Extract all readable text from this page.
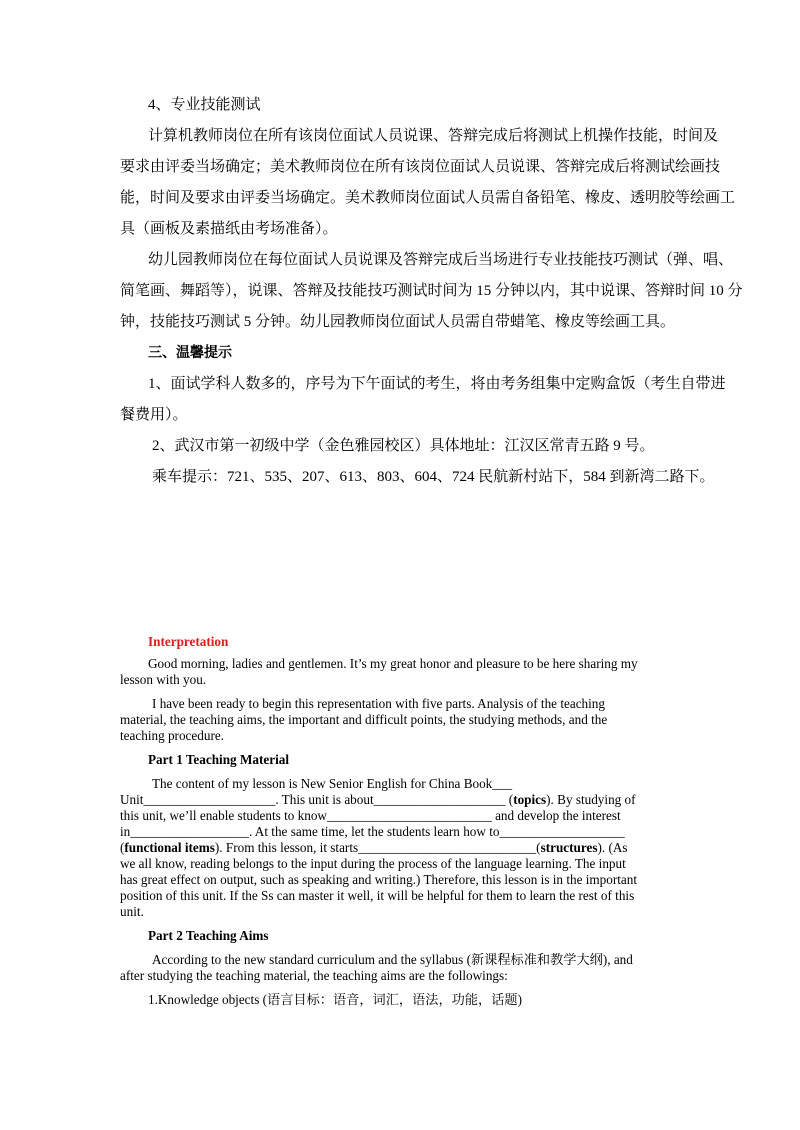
4、专业技能测试

计算机教师岗位在所有该岗位面试人员说课、答辩完成后将测试上机操作技能，时间及

要求由评委当场确定；美术教师岗位在所有该岗位面试人员说课、答辩完成后将测试绘画技

能，时间及要求由评委当场确定。美术教师岗位面试人员需自备铅笔、橡皮、透明胶等绘画工

具（画板及素描纸由考场准备）。

幼儿园教师岗位在每位面试人员说课及答辩完成后当场进行专业技能技巧测试（弹、唱、

简笔画、舞蹈等），说课、答辩及技能技巧测试时间为 15 分钟以内，其中说课、答辩时间 10 分

钟，技能技巧测试 5 分钟。幼儿园教师岗位面试人员需自带蜡笔、橡皮等绘画工具。

三、温馨提示

1、面试学科人数多的，序号为下午面试的考生，将由考务组集中定购盒饭（考生自带进

餐费用）。

2、武汉市第一初级中学（金色雅园校区）具体地址：江汉区常青五路 9 号。

乘车提示：721、535、207、613、803、604、724 民航新村站下，584 到新湾二路下。

Interpretation

Good morning, ladies and gentlemen. It’s my great honor and pleasure to be here sharing my

lesson with you.

I have been ready to begin this representation with five parts. Analysis of the teaching

material, the teaching aims, the important and difficult points, the studying methods, and the

teaching procedure.

Part 1 Teaching Material

The content of my lesson is New Senior English for China Book___

Unit____________________. This unit is about____________________ (topics). By studying of

this unit, we’ll enable students to know_________________________ and develop the interest

in__________________. At the same time, let the students learn how to___________________

(functional items). From this lesson, it starts___________________________(structures). (As

we all know, reading belongs to the input during the process of the language learning. The input

has great effect on output, such as speaking and writing.) Therefore, this lesson is in the important

position of this unit. If the Ss can master it well, it will be helpful for them to learn the rest of this

unit.

Part 2 Teaching Aims

According to the new standard curriculum and the syllabus (新课程标准和教学大纲), and

after studying the teaching material, the teaching aims are the followings:

1.Knowledge objects (语言目标：语音，词汇，语法，功能，话题)
